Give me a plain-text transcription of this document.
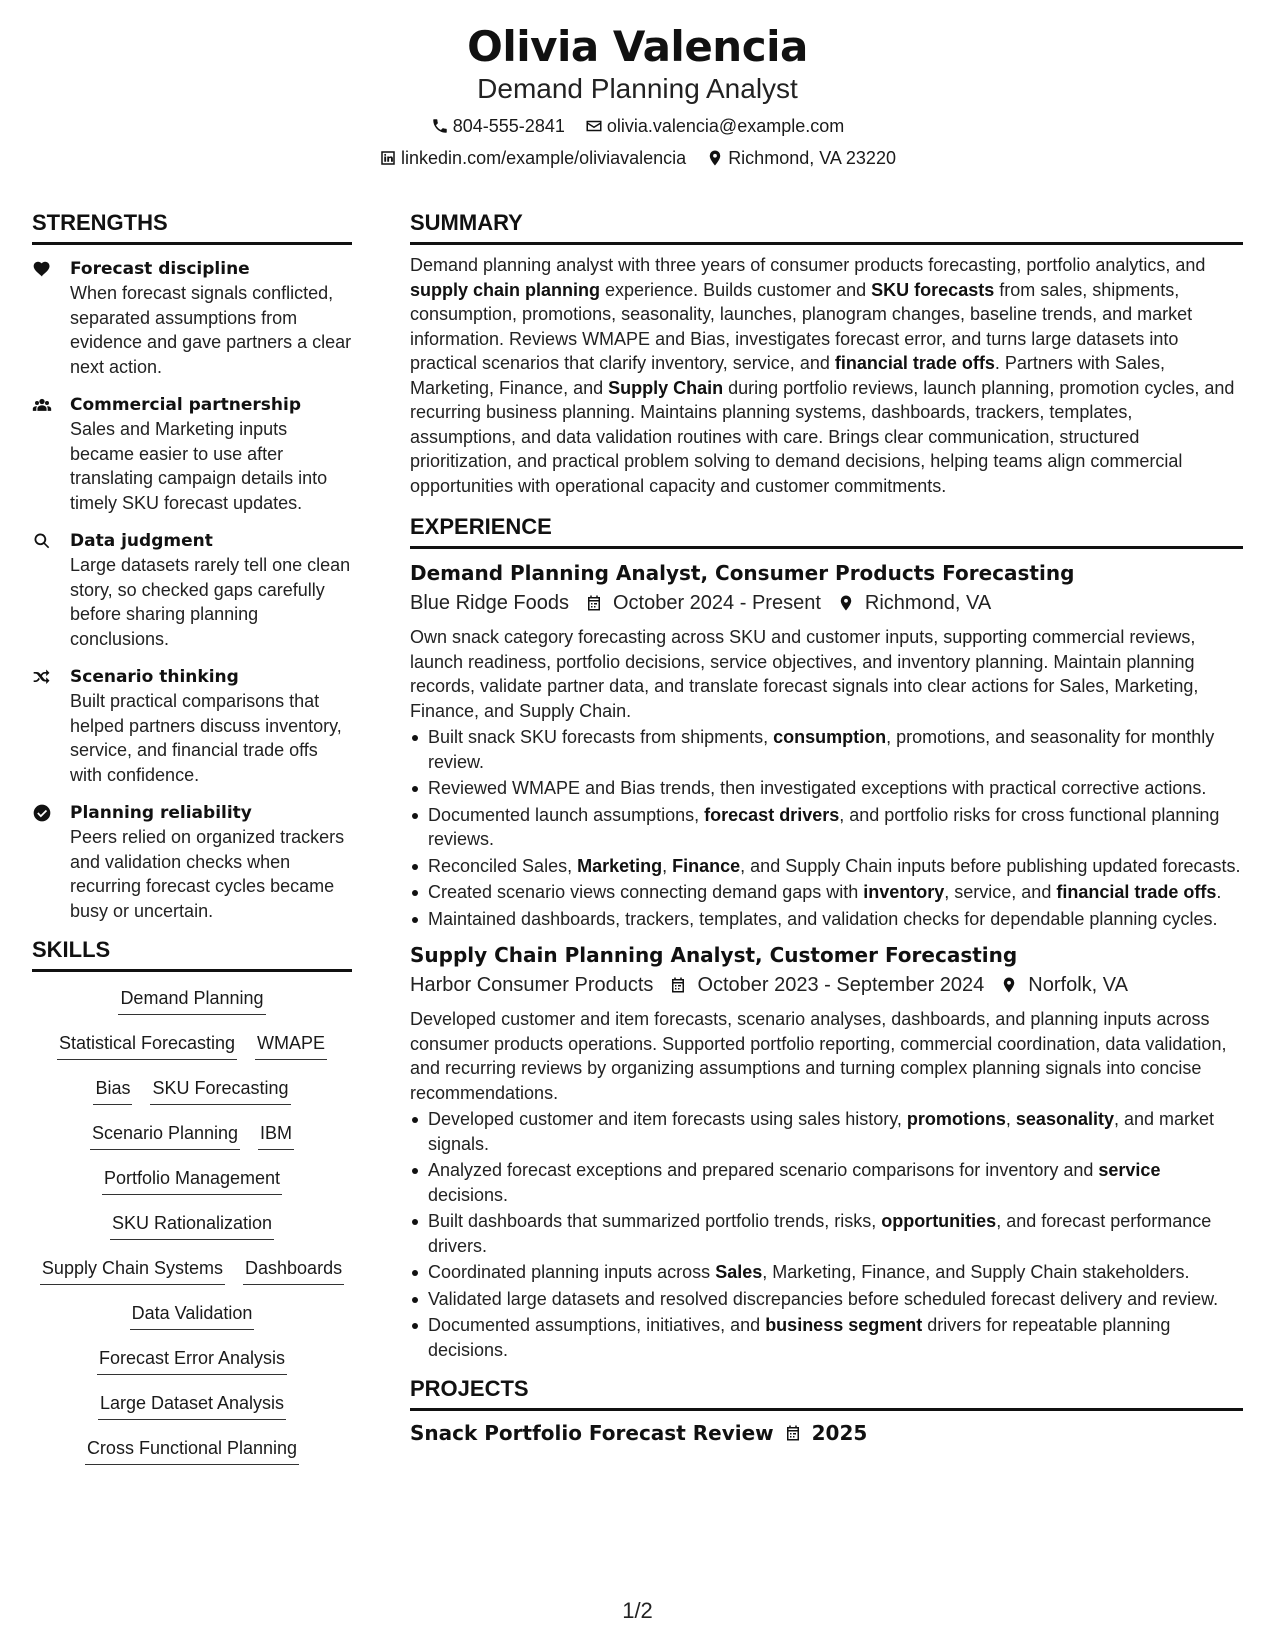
Olivia Valencia
Demand Planning Analyst
804-555-2841 olivia.valencia@example.com
linkedin.com/example/oliviavalencia Richmond, VA 23220
STRENGTHS
Forecast discipline
When forecast signals conflicted, separated assumptions from evidence and gave partners a clear next action.
Commercial partnership
Sales and Marketing inputs became easier to use after translating campaign details into timely SKU forecast updates.
Data judgment
Large datasets rarely tell one clean story, so checked gaps carefully before sharing planning conclusions.
Scenario thinking
Built practical comparisons that helped partners discuss inventory, service, and financial trade offs with confidence.
Planning reliability
Peers relied on organized trackers and validation checks when recurring forecast cycles became busy or uncertain.
SKILLS
Demand Planning
Statistical Forecasting WMAPE
Bias SKU Forecasting
Scenario Planning IBM
Portfolio Management
SKU Rationalization
Supply Chain Systems Dashboards
Data Validation
Forecast Error Analysis
Large Dataset Analysis
Cross Functional Planning
SUMMARY
Demand planning analyst with three years of consumer products forecasting, portfolio analytics, and supply chain planning experience. Builds customer and SKU forecasts from sales, shipments, consumption, promotions, seasonality, launches, planogram changes, baseline trends, and market information. Reviews WMAPE and Bias, investigates forecast error, and turns large datasets into practical scenarios that clarify inventory, service, and financial trade offs. Partners with Sales, Marketing, Finance, and Supply Chain during portfolio reviews, launch planning, promotion cycles, and recurring business planning. Maintains planning systems, dashboards, trackers, templates, assumptions, and data validation routines with care. Brings clear communication, structured prioritization, and practical problem solving to demand decisions, helping teams align commercial opportunities with operational capacity and customer commitments.
EXPERIENCE
Demand Planning Analyst, Consumer Products Forecasting
Blue Ridge Foods October 2024 - Present Richmond, VA
Own snack category forecasting across SKU and customer inputs, supporting commercial reviews, launch readiness, portfolio decisions, service objectives, and inventory planning. Maintain planning records, validate partner data, and translate forecast signals into clear actions for Sales, Marketing, Finance, and Supply Chain.
Built snack SKU forecasts from shipments, consumption, promotions, and seasonality for monthly review.
Reviewed WMAPE and Bias trends, then investigated exceptions with practical corrective actions.
Documented launch assumptions, forecast drivers, and portfolio risks for cross functional planning reviews.
Reconciled Sales, Marketing, Finance, and Supply Chain inputs before publishing updated forecasts.
Created scenario views connecting demand gaps with inventory, service, and financial trade offs.
Maintained dashboards, trackers, templates, and validation checks for dependable planning cycles.
Supply Chain Planning Analyst, Customer Forecasting
Harbor Consumer Products October 2023 - September 2024 Norfolk, VA
Developed customer and item forecasts, scenario analyses, dashboards, and planning inputs across consumer products operations. Supported portfolio reporting, commercial coordination, data validation, and recurring reviews by organizing assumptions and turning complex planning signals into concise recommendations.
Developed customer and item forecasts using sales history, promotions, seasonality, and market signals.
Analyzed forecast exceptions and prepared scenario comparisons for inventory and service decisions.
Built dashboards that summarized portfolio trends, risks, opportunities, and forecast performance drivers.
Coordinated planning inputs across Sales, Marketing, Finance, and Supply Chain stakeholders.
Validated large datasets and resolved discrepancies before scheduled forecast delivery and review.
Documented assumptions, initiatives, and business segment drivers for repeatable planning decisions.
PROJECTS
Snack Portfolio Forecast Review 2025
1/2
